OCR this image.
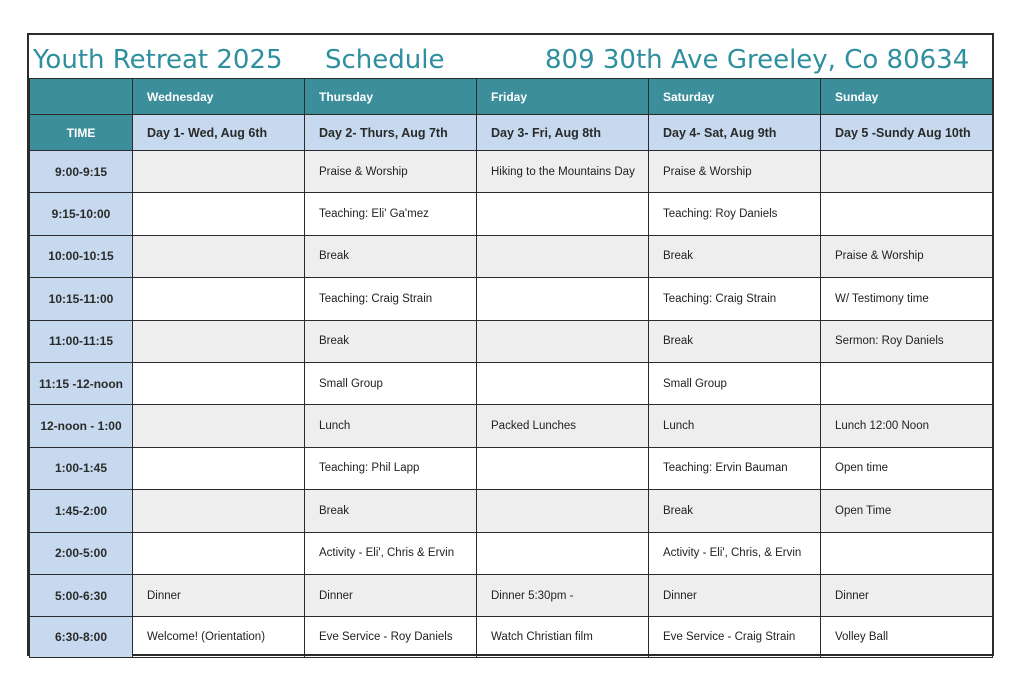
Youth Retreat 2025 Schedule	809 30th Ave Greeley, Co 80634
	Wednesday	Thursday	Friday	Saturday	Sunday
TIME	Day 1- Wed, Aug 6th	Day 2- Thurs, Aug 7th	Day 3- Fri, Aug 8th	Day 4- Sat, Aug 9th	Day 5 -Sundy Aug 10th
9:00-9:15		Praise & Worship	Hiking to the Mountains Day	Praise & Worship	
9:15-10:00		Teaching: Eli' Ga'mez		Teaching: Roy Daniels	
10:00-10:15		Break		Break	Praise & Worship
10:15-11:00		Teaching: Craig Strain		Teaching: Craig Strain	W/ Testimony time
11:00-11:15		Break		Break	Sermon: Roy Daniels
11:15 -12-noon		Small Group		Small Group	
12-noon - 1:00		Lunch	Packed Lunches	Lunch	Lunch 12:00 Noon
1:00-1:45		Teaching: Phil Lapp		Teaching: Ervin Bauman	Open time
1:45-2:00		Break		Break	Open Time
2:00-5:00		Activity - Eli', Chris & Ervin		Activity - Eli', Chris, & Ervin	
5:00-6:30	Dinner	Dinner	Dinner 5:30pm -	Dinner	Dinner
6:30-8:00	Welcome! (Orientation)	Eve Service - Roy Daniels	Watch Christian film	Eve Service - Craig Strain	Volley Ball
